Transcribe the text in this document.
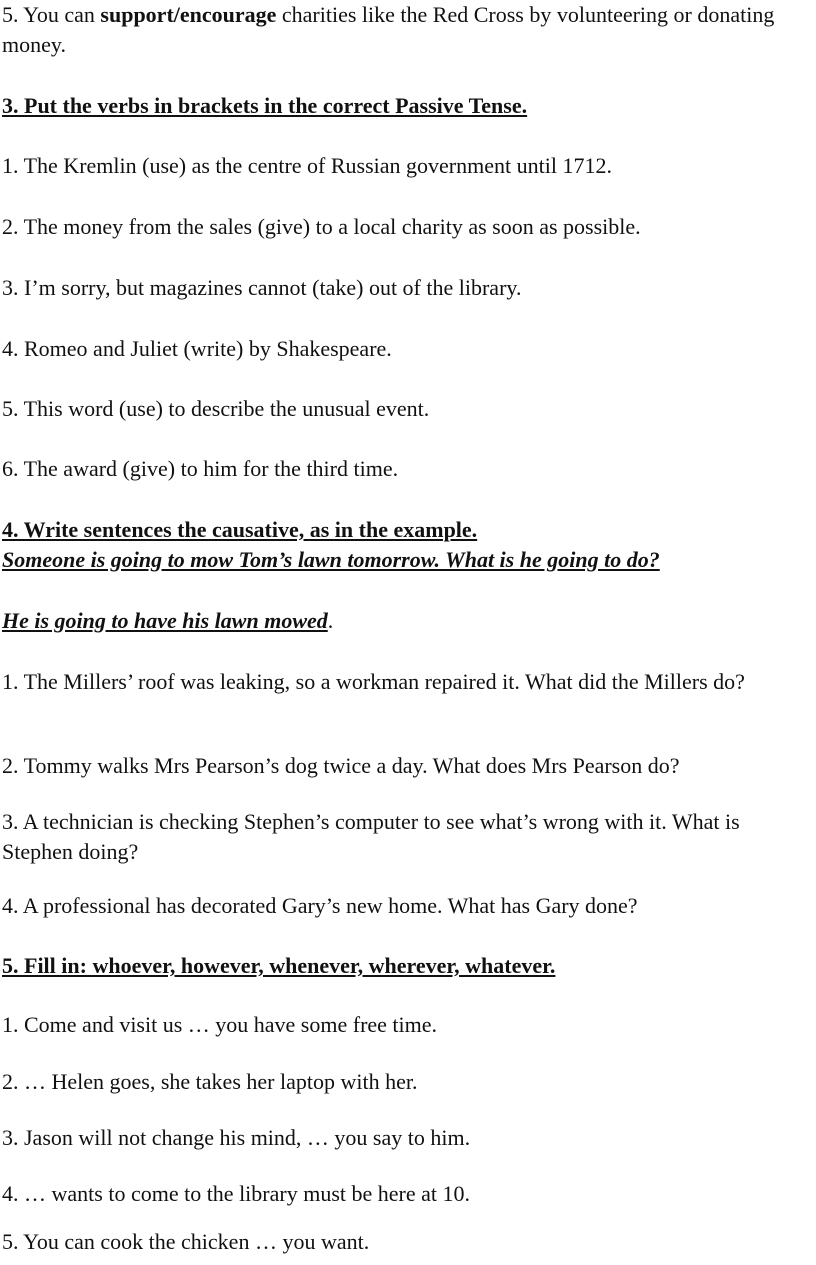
5. You can support/encourage charities like the Red Cross by volunteering or donating money.

3. Put the verbs in brackets in the correct Passive Tense.

1. The Kremlin (use) as the centre of Russian government until 1712.

2. The money from the sales (give) to a local charity as soon as possible.

3. I’m sorry, but magazines cannot (take) out of the library.

4. Romeo and Juliet (write) by Shakespeare.

5. This word (use) to describe the unusual event.

6. The award (give) to him for the third time.

4. Write sentences the causative, as in the example.

Someone is going to mow Tom’s lawn tomorrow. What is he going to do?

He is going to have his lawn mowed.

1. The Millers’ roof was leaking, so a workman repaired it. What did the Millers do?

2. Tommy walks Mrs Pearson’s dog twice a day. What does Mrs Pearson do?

3. A technician is checking Stephen’s computer to see what’s wrong with it. What is Stephen doing?

4. A professional has decorated Gary’s new home. What has Gary done?

5. Fill in: whoever, however, whenever, wherever, whatever.

1. Come and visit us … you have some free time.

2. … Helen goes, she takes her laptop with her.

3. Jason will not change his mind, … you say to him.

4. … wants to come to the library must be here at 10.

5. You can cook the chicken … you want.
